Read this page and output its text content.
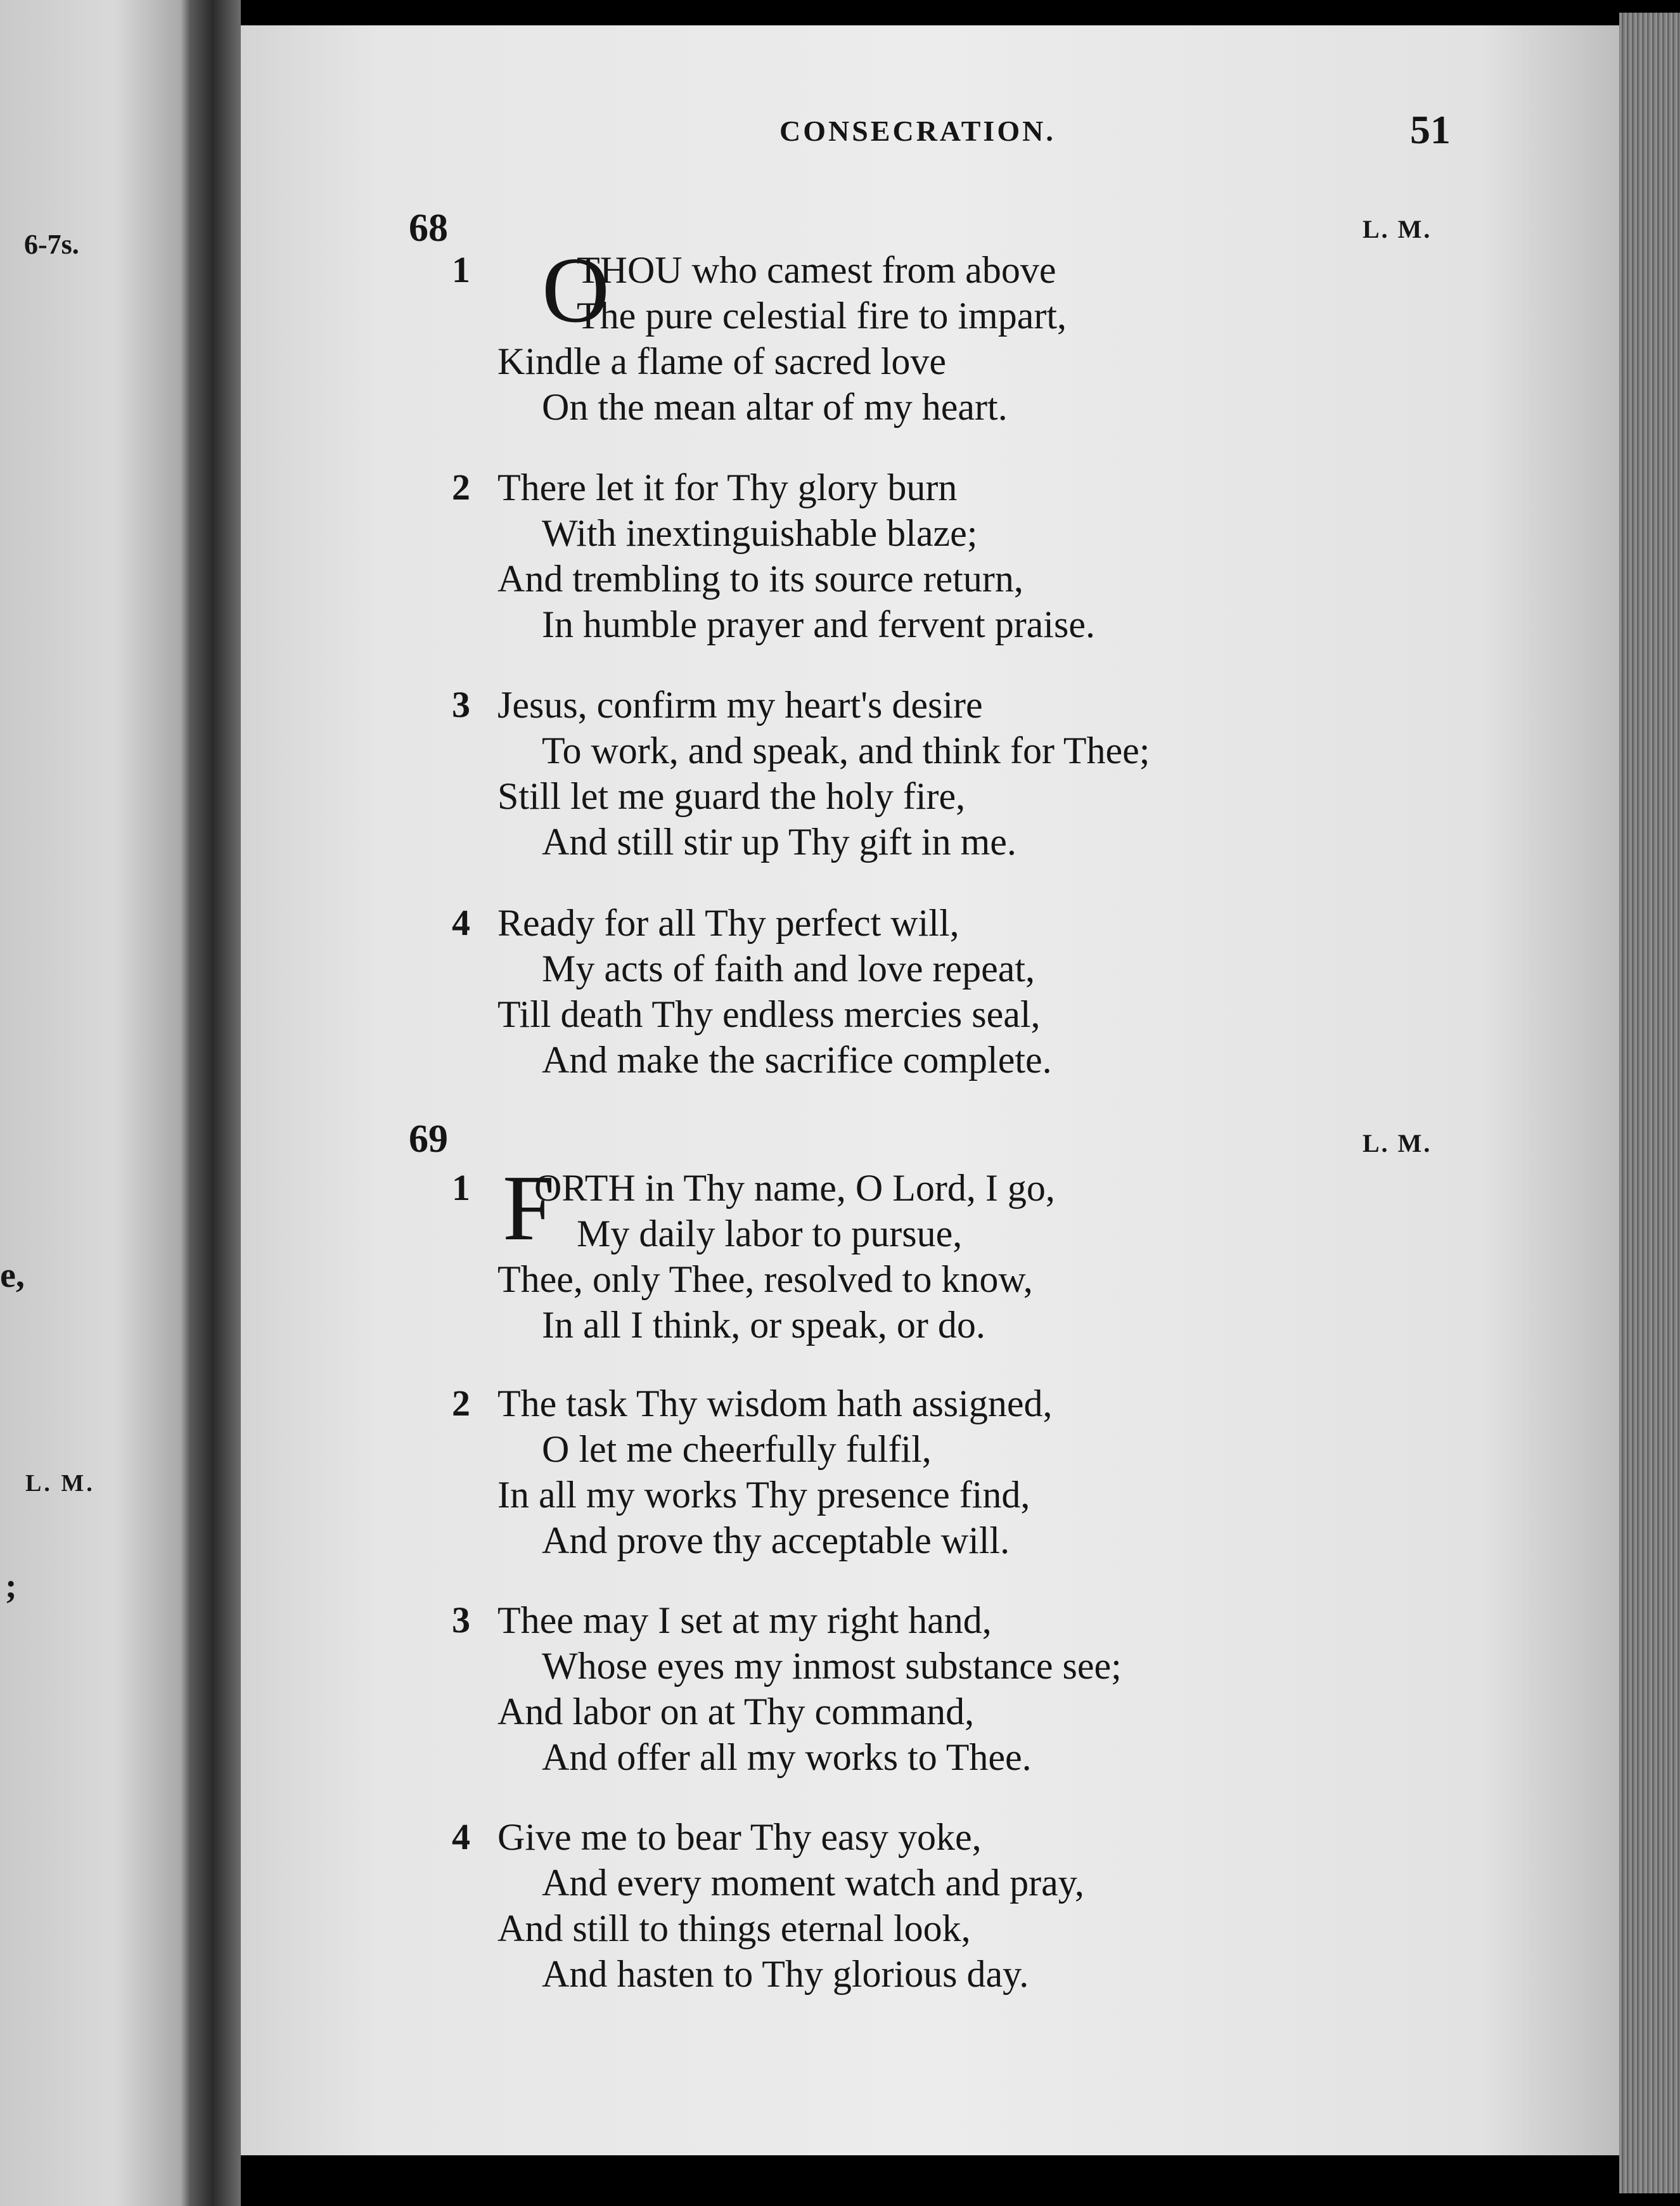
6-7s.
e,
L. M.
;
CONSECRATION.	51
68	L. M.
1 O
THOU who camest from above
The pure celestial fire to impart,
Kindle a flame of sacred love
On the mean altar of my heart.
2 There let it for Thy glory burn
With inextinguishable blaze;
And trembling to its source return,
In humble prayer and fervent praise.
3 Jesus, confirm my heart's desire
To work, and speak, and think for Thee;
Still let me guard the holy fire,
And still stir up Thy gift in me.
4 Ready for all Thy perfect will,
My acts of faith and love repeat,
Till death Thy endless mercies seal,
And make the sacrifice complete.
69	L. M.
1 F
ORTH in Thy name, O Lord, I go,
My daily labor to pursue,
Thee, only Thee, resolved to know,
In all I think, or speak, or do.
2 The task Thy wisdom hath assigned,
O let me cheerfully fulfil,
In all my works Thy presence find,
And prove thy acceptable will.
3 Thee may I set at my right hand,
Whose eyes my inmost substance see;
And labor on at Thy command,
And offer all my works to Thee.
4 Give me to bear Thy easy yoke,
And every moment watch and pray,
And still to things eternal look,
And hasten to Thy glorious day.
